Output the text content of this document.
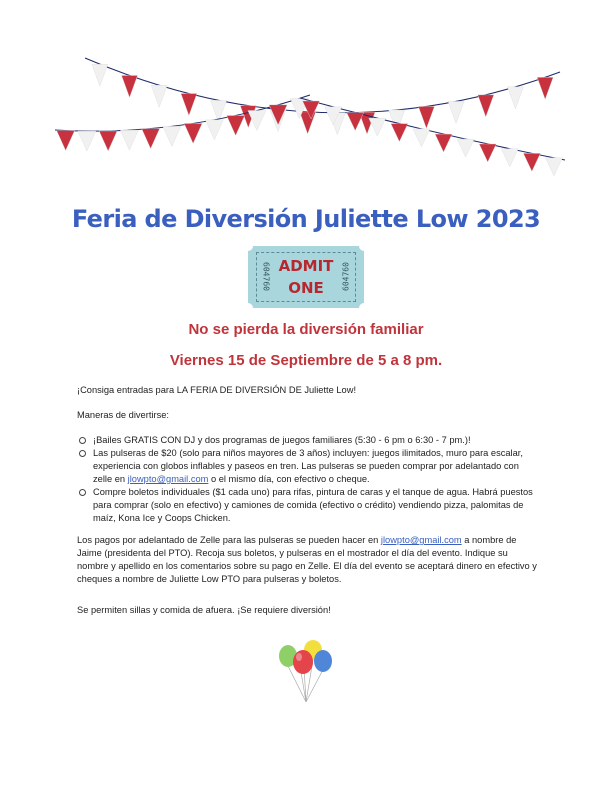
Feria de Diversión Juliette Low 2023
604760 ADMIT ONE	604760
No se pierda la diversión familiar
Viernes 15 de Septiembre de 5 a 8 pm.

¡Consiga entradas para LA FERIA DE DIVERSIÓN DE Juliette Low!

Maneras de divertirse:

¡Bailes GRATIS CON DJ y dos programas de juegos familiares (5:30 - 6 pm o 6:30 - 7 pm.)!
Las pulseras de $20 (solo para niños mayores de 3 años) incluyen: juegos ilimitados, muro para escalar, experiencia con globos inflables y paseos en tren. Las pulseras se pueden comprar por adelantado con zelle en jlowpto@gmail.com o el mismo día, con efectivo o cheque.
Compre boletos individuales ($1 cada uno) para rifas, pintura de caras y el tanque de agua. Habrá puestos para comprar (solo en efectivo) y camiones de comida (efectivo o crédito) vendiendo pizza, palomitas de maíz, Kona Ice y Coops Chicken.

Los pagos por adelantado de Zelle para las pulseras se pueden hacer en jlowpto@gmail.com a nombre de Jaime (presidenta del PTO). Recoja sus boletos, y pulseras en el mostrador el día del evento. Indique su nombre y apellido en los comentarios sobre su pago en Zelle. El día del evento se aceptará dinero en efectivo y cheques a nombre de Juliette Low PTO para pulseras y boletos.

Se permiten sillas y comida de afuera. ¡Se requiere diversión!
